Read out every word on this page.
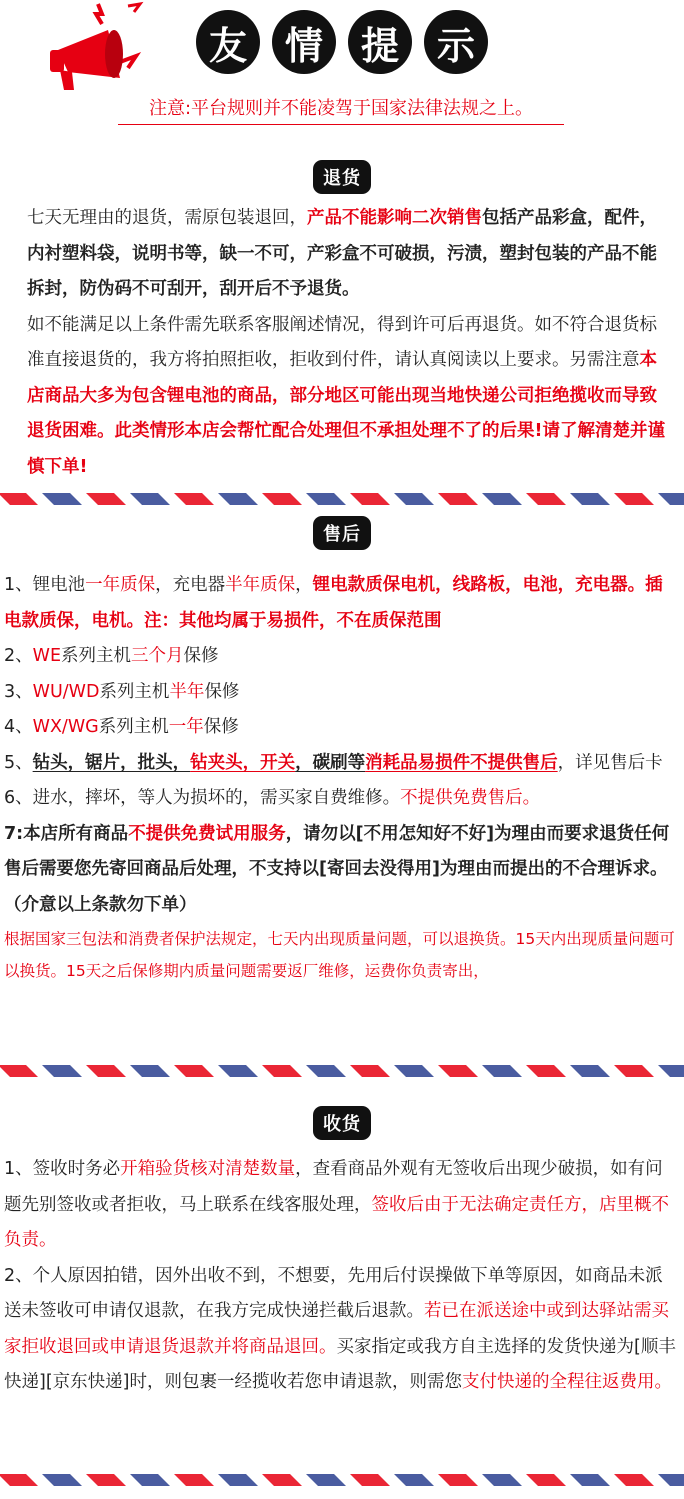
友 情 提 示
注意:平台规则并不能凌驾于国家法律法规之上。
退货

七天无理由的退货，需原包装退回，产品不能影响二次销售包括产品彩盒，配件，内衬塑料袋，说明书等，缺一不可，产彩盒不可破损，污渍，塑封包装的产品不能拆封，防伪码不可刮开，刮开后不予退货。

如不能满足以上条件需先联系客服阐述情况，得到许可后再退货。如不符合退货标准直接退货的，我方将拍照拒收，拒收到付件，请认真阅读以上要求。另需注意本店商品大多为包含锂电池的商品，部分地区可能出现当地快递公司拒绝揽收而导致退货困难。此类情形本店会帮忙配合处理但不承担处理不了的后果!请了解清楚并谨慎下单!

售后

1、锂电池一年质保，充电器半年质保，锂电款质保电机，线路板，电池，充电器。插电款质保，电机。注：其他均属于易损件，不在质保范围

2、WE系列主机三个月保修

3、WU/WD系列主机半年保修

4、WX/WG系列主机一年保修

5、钻头，锯片，批头，钻夹头，开关，碳刷等消耗品易损件不提供售后，详见售后卡

6、进水，摔坏，等人为损坏的，需买家自费维修。不提供免费售后。

7:本店所有商品不提供免费试用服务，请勿以[不用怎知好不好]为理由而要求退货任何售后需要您先寄回商品后处理，不支持以[寄回去没得用]为理由而提出的不合理诉求。（介意以上条款勿下单）

根据国家三包法和消费者保护法规定，七天内出现质量问题，可以退换货。15天内出现质量问题可以换货。15天之后保修期内质量问题需要返厂维修，运费你负责寄出，

收货

1、签收时务必开箱验货核对清楚数量，查看商品外观有无签收后出现少破损，如有问题先别签收或者拒收，马上联系在线客服处理，签收后由于无法确定责任方，店里概不负责。

2、个人原因拍错，因外出收不到，不想要，先用后付误操做下单等原因，如商品未派送未签收可申请仅退款，在我方完成快递拦截后退款。若已在派送途中或到达驿站需买家拒收退回或申请退货退款并将商品退回。买家指定或我方自主选择的发货快递为[顺丰快递][京东快递]时，则包裹一经揽收若您申请退款，则需您支付快递的全程往返费用。
